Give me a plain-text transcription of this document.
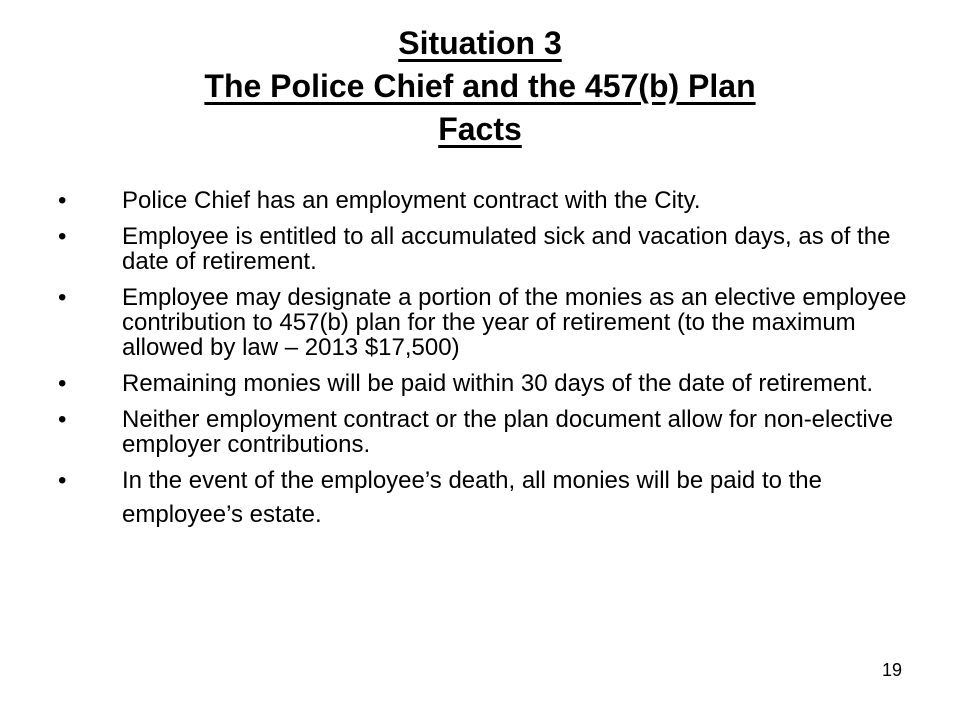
Situation 3
The Police Chief and the 457(b) Plan
Facts
•	Police Chief has an employment contract with the City.
•	Employee is entitled to all accumulated sick and vacation days, as of the date of retirement.
•	Employee may designate a portion of the monies as an elective employee contribution to 457(b) plan for the year of retirement (to the maximum allowed by law – 2013 $17,500)
•	Remaining monies will be paid within 30 days of the date of retirement.
•	Neither employment contract or the plan document allow for non-elective employer contributions.
•	In the event of the employee’s death, all monies will be paid to the employee’s estate.
19
